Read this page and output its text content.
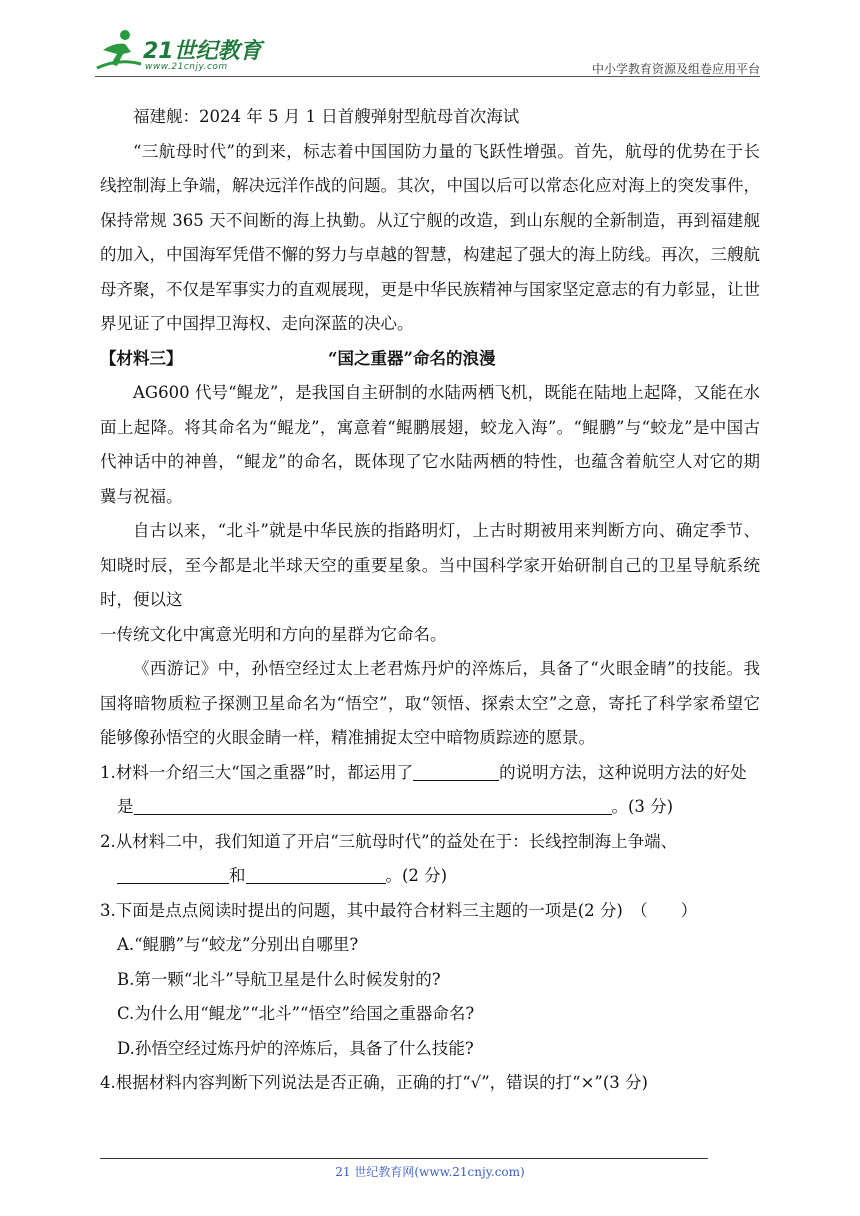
21世纪教育
www.21cnjy.com	中小学教育资源及组卷应用平台

福建舰：2024 年 5 月 1 日首艘弹射型航母首次海试

“三航母时代”的到来，标志着中国国防力量的飞跃性增强。首先，航母的优势在于长线控制海上争端，解决远洋作战的问题。其次，中国以后可以常态化应对海上的突发事件，保持常规 365 天不间断的海上执勤。从辽宁舰的改造，到山东舰的全新制造，再到福建舰的加入，中国海军凭借不懈的努力与卓越的智慧，构建起了强大的海上防线。再次，三艘航母齐聚，不仅是军事实力的直观展现，更是中华民族精神与国家坚定意志的有力彰显，让世界见证了中国捍卫海权、走向深蓝的决心。

【材料三】	“国之重器”命名的浪漫

AG600 代号“鲲龙”，是我国自主研制的水陆两栖飞机，既能在陆地上起降，又能在水面上起降。将其命名为“鲲龙”，寓意着“鲲鹏展翅，蛟龙入海”。“鲲鹏”与“蛟龙”是中国古代神话中的神兽，“鲲龙”的命名，既体现了它水陆两栖的特性，也蕴含着航空人对它的期冀与祝福。

自古以来，“北斗”就是中华民族的指路明灯，上古时期被用来判断方向、确定季节、知晓时辰，至今都是北半球天空的重要星象。当中国科学家开始研制自己的卫星导航系统时，便以这

一传统文化中寓意光明和方向的星群为它命名。

《西游记》中，孙悟空经过太上老君炼丹炉的淬炼后，具备了“火眼金睛”的技能。我国将暗物质粒子探测卫星命名为“悟空”，取“领悟、探索太空”之意，寄托了科学家希望它能够像孙悟空的火眼金睛一样，精准捕捉太空中暗物质踪迹的愿景。

1.材料一介绍三大“国之重器”时，都运用了	的说明方法，这种说明方法的好处是	。(3 分)

2.从材料二中，我们知道了开启“三航母时代”的益处在于：长线控制海上争端、和	。(2 分)

3.下面是点点阅读时提出的问题，其中最符合材料三主题的一项是(2 分)　（　　）

A.“鲲鹏”与“蛟龙”分别出自哪里?

B.第一颗“北斗”导航卫星是什么时候发射的?

C.为什么用“鲲龙”“北斗”“悟空”给国之重器命名?

D.孙悟空经过炼丹炉的淬炼后，具备了什么技能?

4.根据材料内容判断下列说法是否正确，正确的打“√”，错误的打“×”(3 分)

21 世纪教育网(www.21cnjy.com)
